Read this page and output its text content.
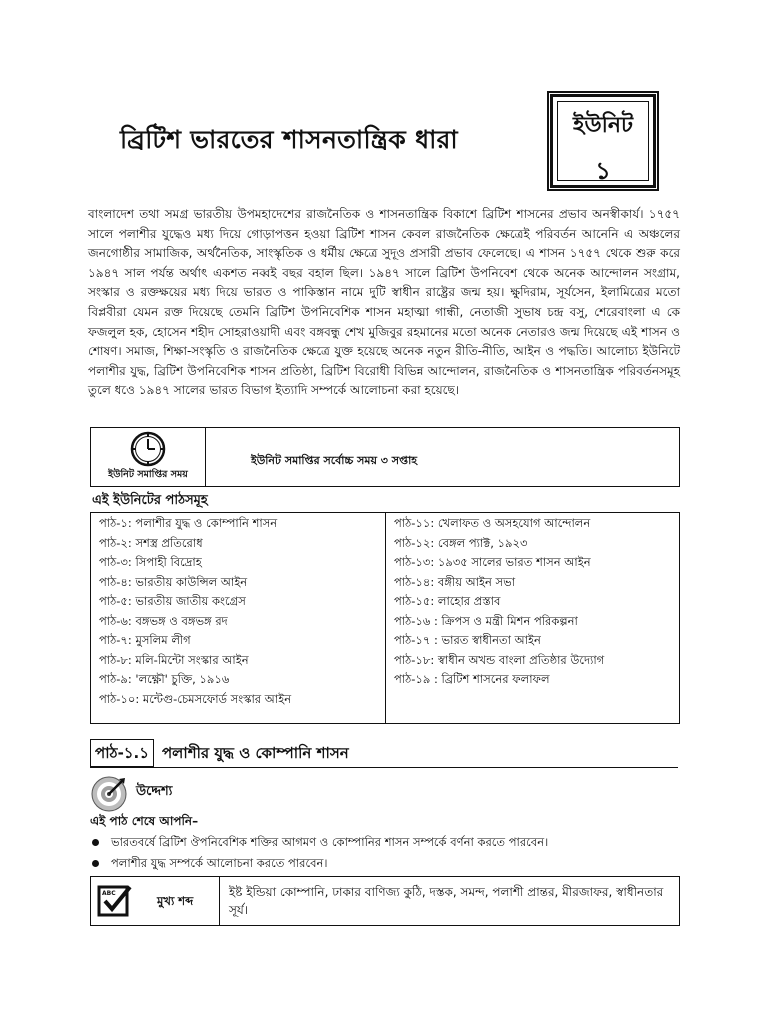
ব্রিটিশ ভারতের শাসনতান্ত্রিক ধারা	ইউনিট
১
বাংলাদেশ তথা সমগ্র ভারতীয় উপমহাদেশের রাজনৈতিক ও শাসনতান্ত্রিক বিকাশে ব্রিটিশ শাসনের প্রভাব অনস্বীকার্য। ১৭৫৭ সালে পলাশীর যুদ্ধেও মধ্য দিয়ে গোড়াপত্তন হওয়া ব্রিটিশ শাসন কেবল রাজনৈতিক ক্ষেত্রেই পরিবর্তন আনেনি এ অঞ্চলের জনগোষ্ঠীর সামাজিক, অর্থনৈতিক, সাংস্কৃতিক ও ধর্মীয় ক্ষেত্রে সুদূও প্রসারী প্রভাব ফেলেছে। এ শাসন ১৭৫৭ থেকে শুরু করে ১৯৪৭ সাল পর্যন্ত অর্থাৎ একশত নব্বই বছর বহাল ছিল। ১৯৪৭ সালে ব্রিটিশ উপনিবেশ থেকে অনেক আন্দোলন সংগ্রাম, সংস্কার ও রক্তক্ষয়ের মধ্য দিয়ে ভারত ও পাকিস্তান নামে দুটি স্বাধীন রাষ্ট্রের জন্ম হয়। ক্ষুদিরাম, সূর্যসেন, ইলামিত্রের মতো বিপ্লবীরা যেমন রক্ত দিয়েছে তেমনি ব্রিটিশ উপনিবেশিক শাসন মহাত্মা গান্ধী, নেতাজী সুভাষ চন্দ্র বসু, শেরেবাংলা এ কে ফজলুল হক, হোসেন শহীদ সোহরাওয়াদী এবং বঙ্গবন্ধু শেখ মুজিবুর রহমানের মতো অনেক নেতারও জন্ম দিয়েছে এই শাসন ও শোষণ। সমাজ, শিক্ষা-সংস্কৃতি ও রাজনৈতিক ক্ষেত্রে যুক্ত হয়েছে অনেক নতুন রীতি-নীতি, আইন ও পদ্ধতি। আলোচ্য ইউনিটে পলাশীর যুদ্ধ, ব্রিটিশ উপনিবেশিক শাসন প্রতিষ্ঠা, ব্রিটিশ বিরোধী বিভিন্ন আন্দোলন, রাজনৈতিক ও শাসনতান্ত্রিক পরিবর্তনসমূহ তুলে ধওে ১৯৪৭ সালের ভারত বিভাগ ইত্যাদি সম্পর্কে আলোচনা করা হয়েছে।
ইউনিট সমাপ্তির সময়
ইউনিট সমাপ্তির সর্বোচ্চ সময় ৩ সপ্তাহ
এই ইউনিটের পাঠসমূহ
পাঠ-১: পলাশীর যুদ্ধ ও কোম্পানি শাসন
পাঠ-২: সশস্ত্র প্রতিরোধ
পাঠ-৩: সিপাহী বিদ্রোহ
পাঠ-৪: ভারতীয় কাউন্সিল আইন
পাঠ-৫: ভারতীয় জাতীয় কংগ্রেস
পাঠ-৬: বঙ্গভঙ্গ ও বঙ্গভঙ্গ রদ
পাঠ-৭: মুসলিম লীগ
পাঠ-৮: মলি-মিন্টো সংস্কার আইন
পাঠ-৯: 'লক্ষ্ণৌ' চুক্তি, ১৯১৬
পাঠ-১০: মন্টেগু-চেমসফোর্ড সংস্কার আইন
পাঠ-১১: খেলাফত ও অসহযোগ আন্দোলন
পাঠ-১২: বেঙ্গল প্যাক্ট, ১৯২৩
পাঠ-১৩: ১৯৩৫ সালের ভারত শাসন আইন
পাঠ-১৪: বঙ্গীয় আইন সভা
পাঠ-১৫: লাহোর প্রস্তাব
পাঠ-১৬ : ক্রিপস ও মন্ত্রী মিশন পরিকল্পনা
পাঠ-১৭ : ভারত স্বাধীনতা আইন
পাঠ-১৮: স্বাধীন অখন্ড বাংলা প্রতিষ্ঠার উদ্যোগ
পাঠ-১৯ : ব্রিটিশ শাসনের ফলাফল
পাঠ-১.১ পলাশীর যুদ্ধ ও কোম্পানি শাসন
উদ্দেশ্য
এই পাঠ শেষে আপনি–
ভারতবর্ষে ব্রিটিশ ঔপনিবেশিক শক্তির আগমণ ও কোম্পানির শাসন সম্পর্কে বর্ণনা করতে পারবেন।
পলাশীর যুদ্ধ সম্পর্কে আলোচনা করতে পারবেন।
ABC
মুখ্য শব্দ
ইষ্ট ইন্ডিয়া কোম্পানি, ঢাকার বাণিজ্য কুঠি, দস্তক, সমন্দ, পলাশী প্রান্তর, মীরজাফর, স্বাধীনতার সূর্য।
